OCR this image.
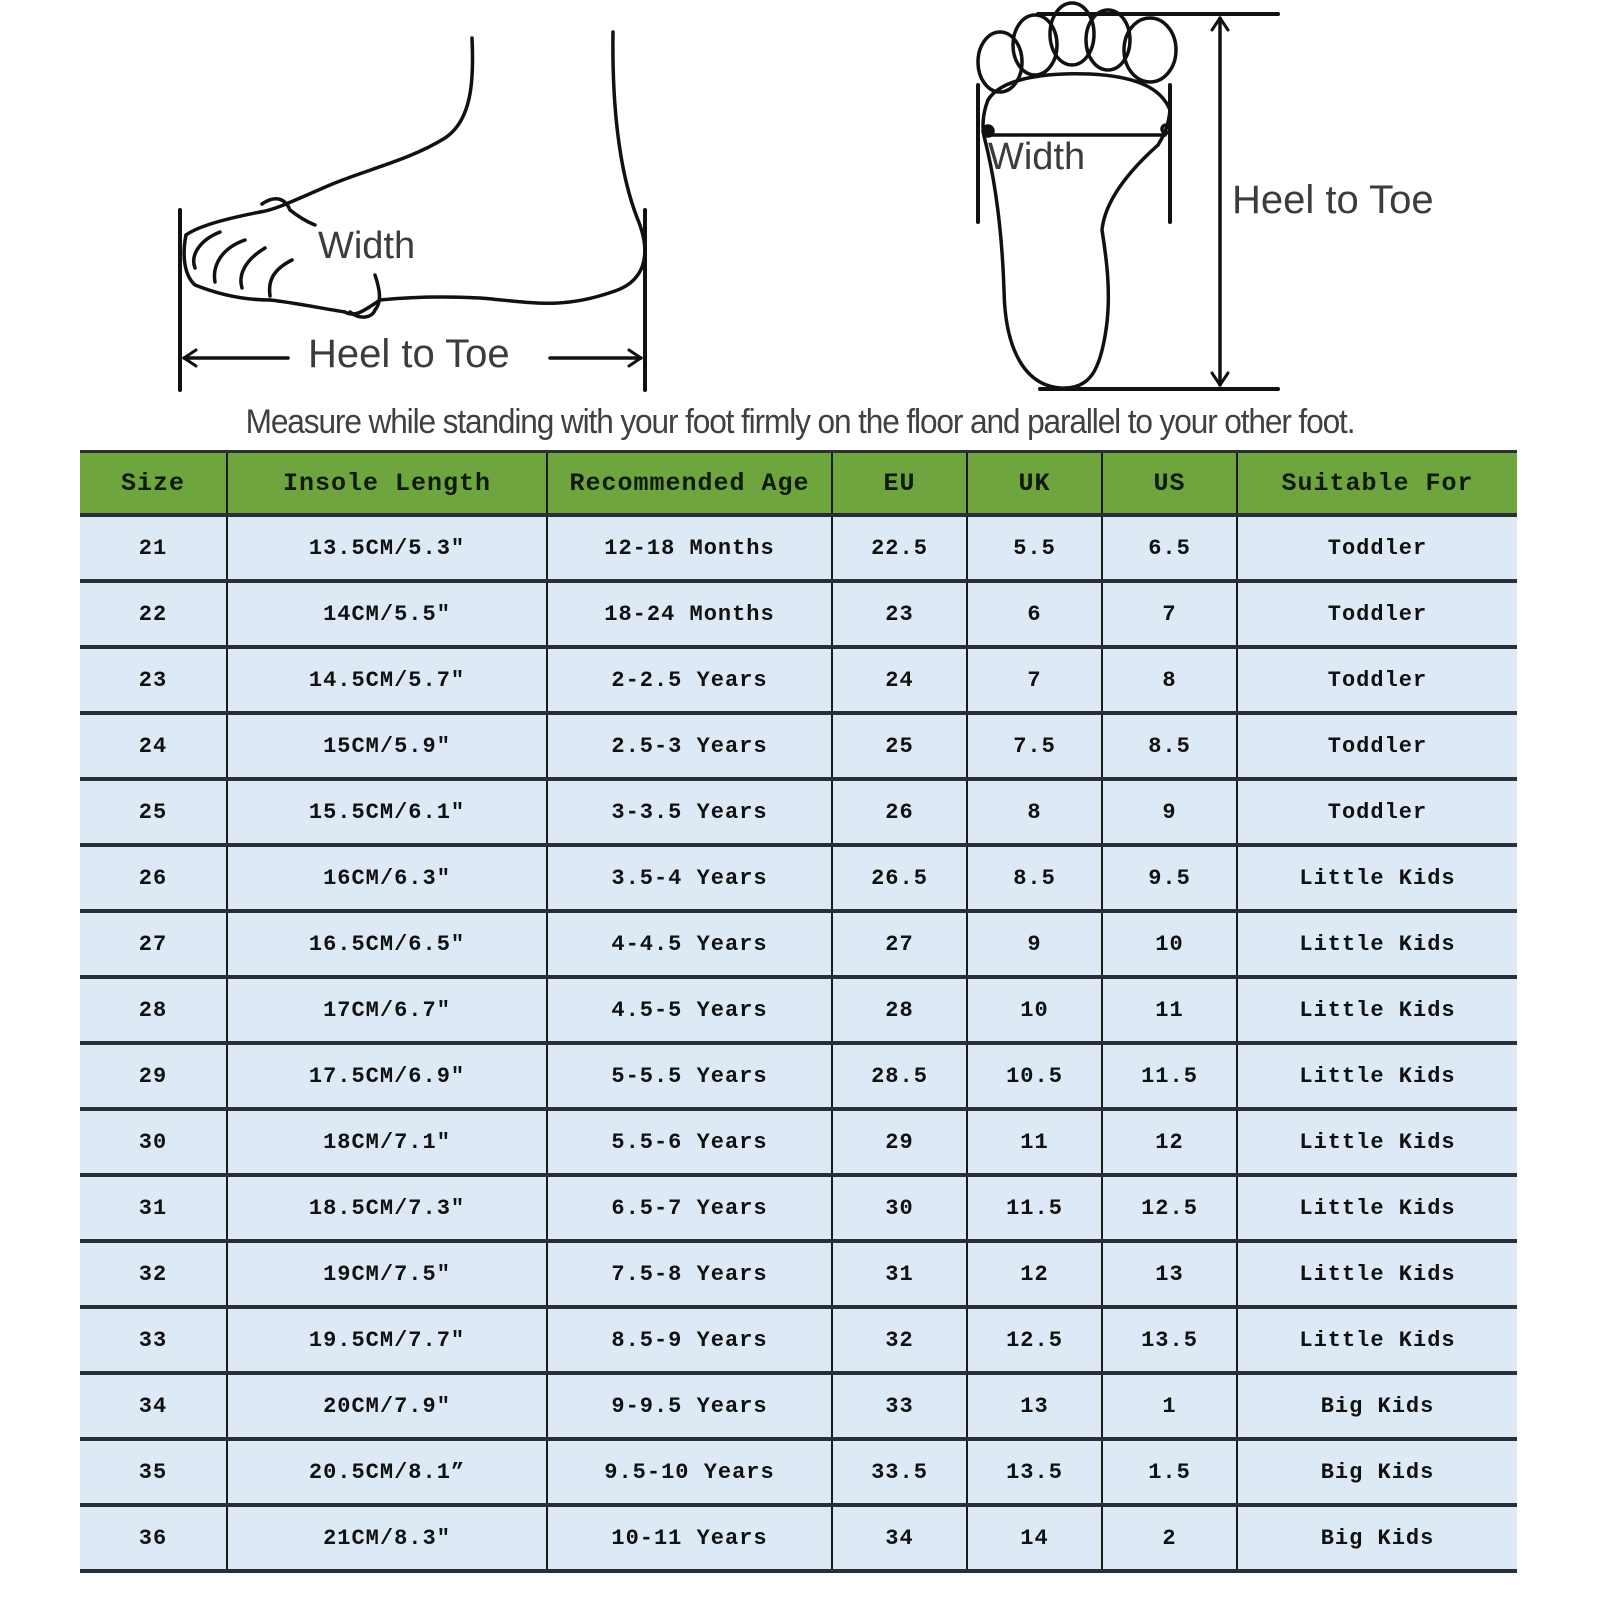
Width
Heel to Toe
Width
Heel to Toe
Measure while standing with your foot firmly on the floor and parallel to your other foot.
Size	Insole Length	Recommended Age	EU	UK	US	Suitable For
21	13.5CM/5.3″	12-18 Months	22.5	5.5	6.5	Toddler
22	14CM/5.5″	18-24 Months	23	6	7	Toddler
23	14.5CM/5.7″	2-2.5 Years	24	7	8	Toddler
24	15CM/5.9″	2.5-3 Years	25	7.5	8.5	Toddler
25	15.5CM/6.1″	3-3.5 Years	26	8	9	Toddler
26	16CM/6.3″	3.5-4 Years	26.5	8.5	9.5	Little Kids
27	16.5CM/6.5″	4-4.5 Years	27	9	10	Little Kids
28	17CM/6.7″	4.5-5 Years	28	10	11	Little Kids
29	17.5CM/6.9″	5-5.5 Years	28.5	10.5	11.5	Little Kids
30	18CM/7.1″	5.5-6 Years	29	11	12	Little Kids
31	18.5CM/7.3″	6.5-7 Years	30	11.5	12.5	Little Kids
32	19CM/7.5″	7.5-8 Years	31	12	13	Little Kids
33	19.5CM/7.7″	8.5-9 Years	32	12.5	13.5	Little Kids
34	20CM/7.9″	9-9.5 Years	33	13	1	Big Kids
35	20.5CM/8.1”	9.5-10 Years	33.5	13.5	1.5	Big Kids
36	21CM/8.3″	10-11 Years	34	14	2	Big Kids
